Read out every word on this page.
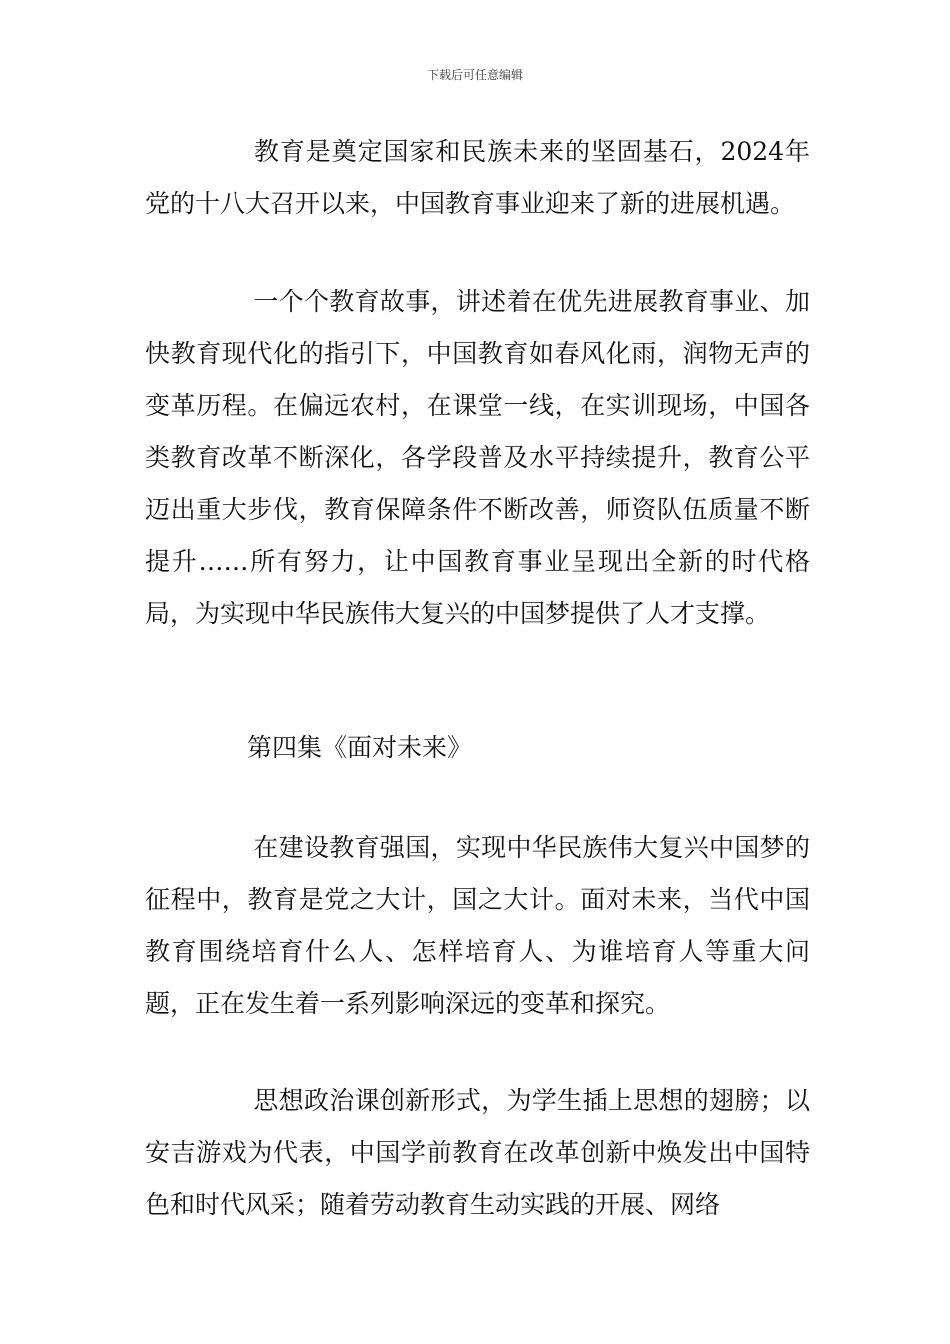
下载后可任意编辑

教育是奠定国家和民族未来的坚固基石，2024年党的十八大召开以来，中国教育事业迎来了新的进展机遇。

一个个教育故事，讲述着在优先进展教育事业、加快教育现代化的指引下，中国教育如春风化雨，润物无声的变革历程。在偏远农村，在课堂一线，在实训现场，中国各类教育改革不断深化，各学段普及水平持续提升，教育公平迈出重大步伐，教育保障条件不断改善，师资队伍质量不断提升……所有努力，让中国教育事业呈现出全新的时代格局，为实现中华民族伟大复兴的中国梦提供了人才支撑。

第四集《面对未来》

在建设教育强国，实现中华民族伟大复兴中国梦的征程中，教育是党之大计，国之大计。面对未来，当代中国教育围绕培育什么人、怎样培育人、为谁培育人等重大问题，正在发生着一系列影响深远的变革和探究。

思想政治课创新形式，为学生插上思想的翅膀；以安吉游戏为代表，中国学前教育在改革创新中焕发出中国特色和时代风采；随着劳动教育生动实践的开展、网络
